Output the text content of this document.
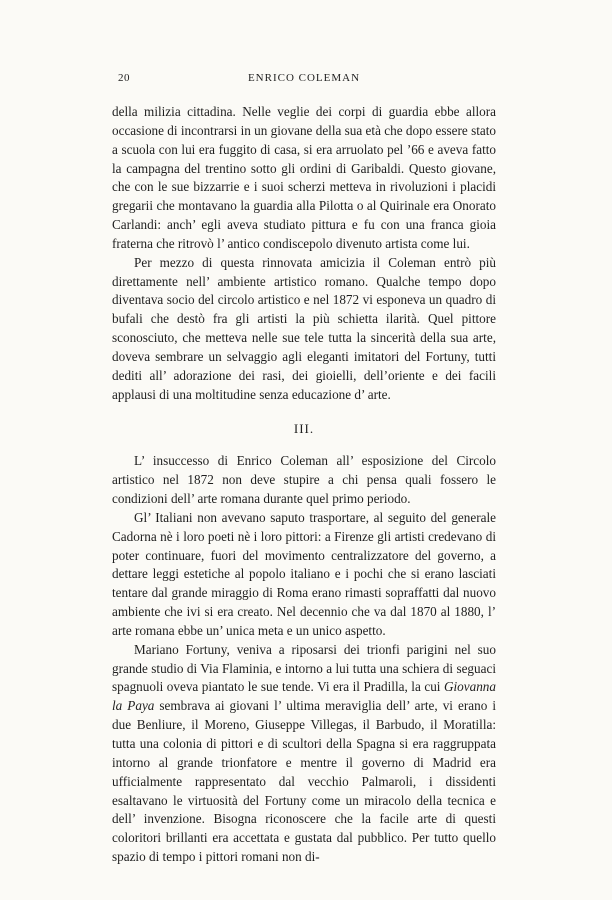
20	ENRICO COLEMAN

della milizia cittadina. Nelle veglie dei corpi di guardia ebbe allora occasione di incontrarsi in un giovane della sua età che dopo essere stato a scuola con lui era fuggito di casa, si era arruolato pel ’66 e aveva fatto la campagna del trentino sotto gli ordini di Garibaldi. Questo giovane, che con le sue bizzarrie e i suoi scherzi metteva in rivoluzioni i placidi gregarii che montavano la guardia alla Pilotta o al Quirinale era Onorato Carlandi: anch’ egli aveva studiato pittura e fu con una franca gioia fraterna che ritrovò l’ antico condiscepolo divenuto artista come lui.

Per mezzo di questa rinnovata amicizia il Coleman entrò più direttamente nell’ ambiente artistico romano. Qualche tempo dopo diventava socio del circolo artistico e nel 1872 vi esponeva un quadro di bufali che destò fra gli artisti la più schietta ilarità. Quel pittore sconosciuto, che metteva nelle sue tele tutta la sincerità della sua arte, doveva sembrare un selvaggio agli eleganti imitatori del Fortuny, tutti dediti all’ adorazione dei rasi, dei gioielli, dell’oriente e dei facili applausi di una moltitudine senza educazione d’ arte.

III.

L’ insuccesso di Enrico Coleman all’ esposizione del Circolo artistico nel 1872 non deve stupire a chi pensa quali fossero le condizioni dell’ arte romana durante quel primo periodo.

Gl’ Italiani non avevano saputo trasportare, al seguito del generale Cadorna nè i loro poeti nè i loro pittori: a Firenze gli artisti credevano di poter continuare, fuori del movimento centralizzatore del governo, a dettare leggi estetiche al popolo italiano e i pochi che si erano lasciati tentare dal grande miraggio di Roma erano rimasti sopraffatti dal nuovo ambiente che ivi si era creato. Nel decennio che va dal 1870 al 1880, l’ arte romana ebbe un’ unica meta e un unico aspetto.

Mariano Fortuny, veniva a riposarsi dei trionfi parigini nel suo grande studio di Via Flaminia, e intorno a lui tutta una schiera di seguaci spagnuoli oveva piantato le sue tende. Vi era il Pradilla, la cui Giovanna la Paya sembrava ai giovani l’ ultima meraviglia dell’ arte, vi erano i due Benliure, il Moreno, Giuseppe Villegas, il Barbudo, il Moratilla: tutta una colonia di pittori e di scultori della Spagna si era raggruppata intorno al grande trionfatore e mentre il governo di Madrid era ufficialmente rappresentato dal vecchio Palmaroli, i dissidenti esaltavano le virtuosità del Fortuny come un miracolo della tecnica e dell’ invenzione. Bisogna riconoscere che la facile arte di questi coloritori brillanti era accettata e gustata dal pubblico. Per tutto quello spazio di tempo i pittori romani non di-
